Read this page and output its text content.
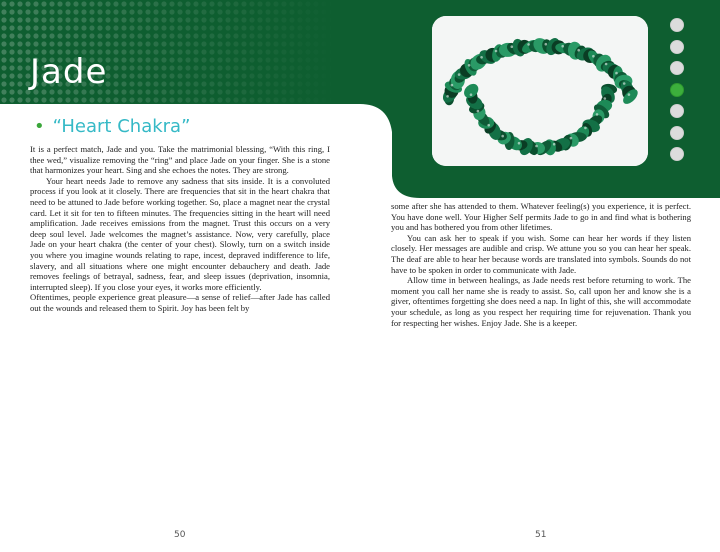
Jade
• “Heart Chakra”

It is a perfect match, Jade and you. Take the matrimonial blessing, “With this ring, I thee wed,” visualize removing the “ring” and place Jade on your finger. She is a stone that harmonizes your heart. Sing and she echoes the notes. They are strong.

Your heart needs Jade to remove any sadness that sits inside. It is a convoluted process if you look at it closely. There are frequencies that sit in the heart chakra that need to be attuned to Jade before working together. So, place a magnet near the crystal card. Let it sit for ten to fifteen minutes. The frequencies sitting in the heart will need amplification. Jade receives emissions from the magnet. Trust this occurs on a very deep soul level. Jade welcomes the magnet’s assistance. Now, very carefully, place Jade on your heart chakra (the center of your chest). Slowly, turn on a switch inside you where you imagine wounds relating to rape, incest, depraved indifference to life, slavery, and all situations where one might encounter debauchery and death. Jade removes feelings of betrayal, sadness, fear, and sleep issues (deprivation, insomnia, interrupted sleep). If you close your eyes, it works more efficiently.

Oftentimes, people experience great pleasure—a sense of relief—after Jade has called out the wounds and released them to Spirit. Joy has been felt by

some after she has attended to them. Whatever feeling(s) you experience, it is perfect. You have done well. Your Higher Self permits Jade to go in and find what is bothering you and has bothered you from other lifetimes.

You can ask her to speak if you wish. Some can hear her words if they listen closely. Her messages are audible and crisp. We attune you so you can hear her speak. The deaf are able to hear her because words are translated into symbols. Sounds do not have to be spoken in order to communicate with Jade.

Allow time in between healings, as Jade needs rest before returning to work. The moment you call her name she is ready to assist. So, call upon her and know she is a giver, oftentimes forgetting she does need a nap. In light of this, she will accommodate your schedule, as long as you respect her requiring time for rejuvenation. Thank you for respecting her wishes. Enjoy Jade. She is a keeper.

50	51
